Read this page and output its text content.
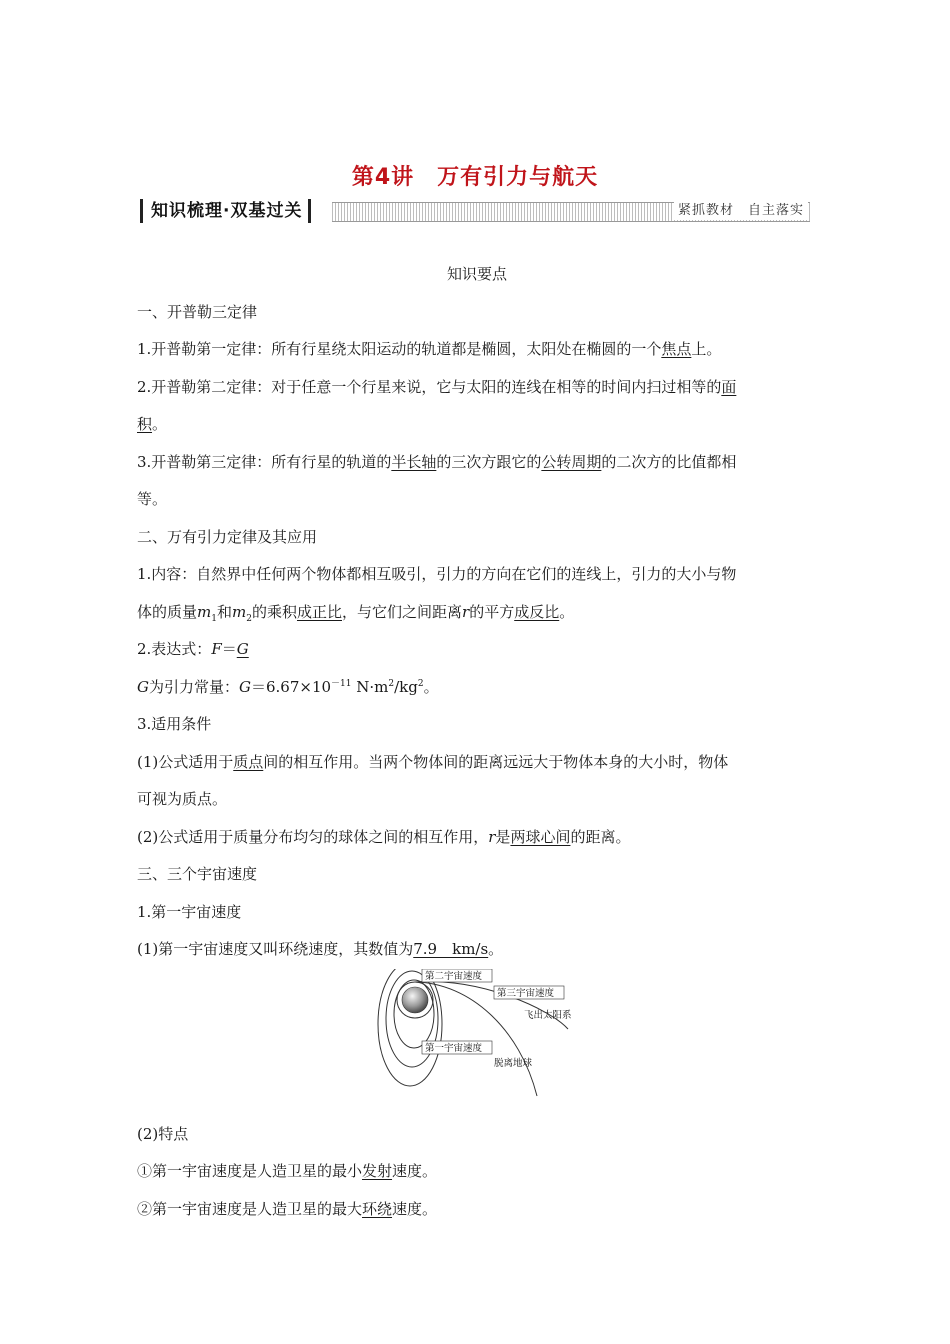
第4讲　万有引力与航天
知识梳理·双基过关	紧抓教材　自主落实

知识要点

一、开普勒三定律

1.开普勒第一定律：所有行星绕太阳运动的轨道都是椭圆，太阳处在椭圆的一个焦点上。

2.开普勒第二定律：对于任意一个行星来说，它与太阳的连线在相等的时间内扫过相等的面

积。

3.开普勒第三定律：所有行星的轨道的半长轴的三次方跟它的公转周期的二次方的比值都相

等。

二、万有引力定律及其应用

1.内容：自然界中任何两个物体都相互吸引，引力的方向在它们的连线上，引力的大小与物

体的质量$m_1$和$m_2$的乘积成正比，与它们之间距离r的平方成反比。

2.表达式：F＝G

G为引力常量：$G=6.67\times 10^{-11}$ $N\cdot m^2/kg^2$。

3.适用条件

(1)公式适用于质点间的相互作用。当两个物体间的距离远远大于物体本身的大小时，物体

可视为质点。

(2)公式适用于质量分布均匀的球体之间的相互作用，r是两球心间的距离。

三、三个宇宙速度

1.第一宇宙速度

(1)第一宇宙速度又叫环绕速度，其数值为7.9　km/s。

第二宇宙速度
第三宇宙速度
飞出太阳系
第一宇宙速度
脱离地球

(2)特点

①第一宇宙速度是人造卫星的最小发射速度。

②第一宇宙速度是人造卫星的最大环绕速度。
